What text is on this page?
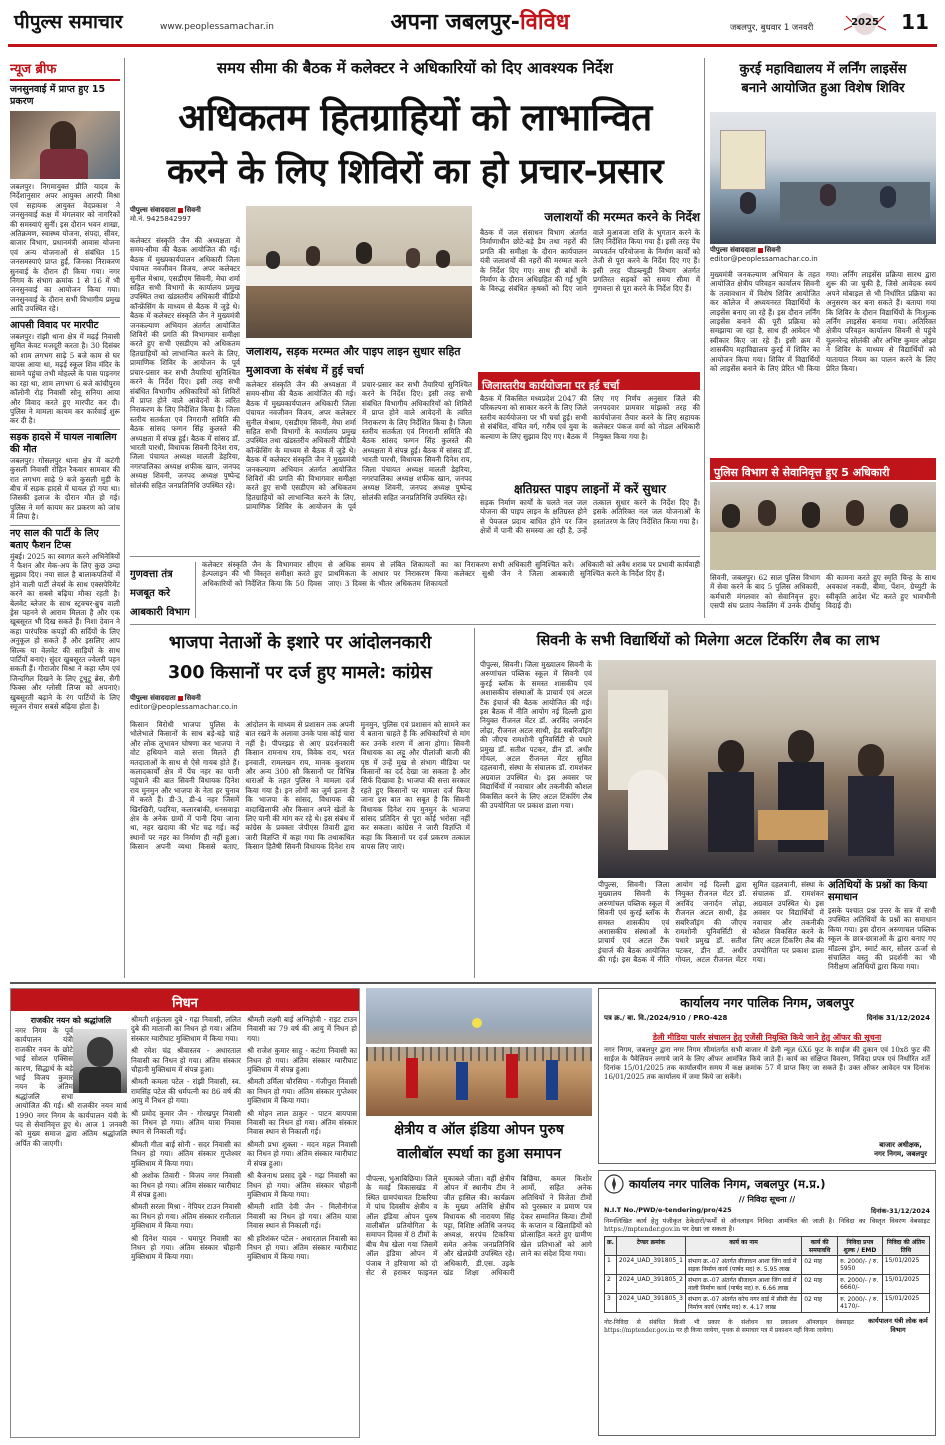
पीपुल्स समाचार	www.peoplessamachar.in	अपना जबलपुर-विविध	जबलपुर, बुधवार 1 जनवरी	2025 11
न्यूज ब्रीफ
जनसुनवाई में प्राप्त हुए 15 प्रकरण
जबलपुर। निगमायुक्त प्रीति यादव के निर्देशानुसार अपर आयुक्त आरपी मिश्रा एवं सहायक आयुक्त वेदप्रकाश ने जनसुनवाई कक्ष में मंगलवार को नागरिकों की समस्याएं सुनीं। इस दौरान भवन शाखा, अतिक्रमण, स्वास्थ्य योजना, संपदा, सीवर, बाजार विभाग, प्रधानमंत्री आवास योजना एवं अन्य योजनाओं से संबंधित 15 जनसमस्याएं प्राप्त हुईं, जिनका निराकरण सुनवाई के दौरान ही किया गया। नगर निगम के संभाग क्रमांक 1 से 16 में भी जनसुनवाई का आयोजन किया गया। जनसुनवाई के दौरान सभी विभागीय प्रमुख आदि उपस्थित रहे।
आपसी विवाद पर मारपीट
जबलपुर। रांझी थाना क्षेत्र में मढ़ई निवासी सुमित केवट मजदूरी करता है। 30 दिसंबर को शाम लगभग साढ़े 5 बजे काम से घर वापस आया था, मढ़ई स्कूल शिव मंदिर के सामने पहुंचा तभी मोहल्ले के पास पाइनगर का रहा था, शाम लगभग 6 बजे कांचीपुरम कॉलोनी रोड़ निवासी सोनू सनिया आया और विवाद करते हुए मारपीट कर दी। पुलिस ने मामला कायम कर कार्रवाई शुरू कर दी है।
सड़क हादसे में घायल नाबालिग की मौत
जबलपुर। गोसलपुर थाना क्षेत्र में कटंगी कुसली निवासी रोहित रैकवार सामवार की रात लगभग साढ़े 9 बजे कुसली मुड़ी के बीच में सड़क हादसे में घायल हो गया था। जिसकी इलाज के दौरान मौत हो गई। पुलिस ने मर्ग कायम कर प्रकरण को जांच में लिया है।
नए साल की पार्टी के लिए बताए फैशन टिप्स
मुंबई। 2025 का स्वागत करने अभिनेत्रियों ने फैशन और मेक-अप के लिए कुछ उम्दा सुझाव दिए। नया साल है बालाकपतियों में होने वाली पार्टी लेयर्स के साथ एक्सपेरिमेंट करने का सबसे बढ़िया मौका रहती है। बेलवेट ब्लेजर के साथ स्ट्रक्चर-ब्रुच वाली ड्रेस पहनने से आराम मिलता है और एक खूबसूरत भी दिख सकते हैं। निशा देवान ने कहा पारंपरिक कपड़ों की सर्दियों के लिए अनुकूल हो सकते हैं और इसलिए आप सिल्क या वेलवेट की साड़ियों के साथ पार्टियों बनाएं। सुंदर खुबसूरत ज्वेलरी पहन सकती हैं। गौराजोर मिश्रा ने कहा ग्लैम एवं जिन्दगिल दिखने के लिए टूथूटू ब्रेस, सैगी फिक्स और ग्लोसी लिप्स को अपनाएं। खुबसूरती बढ़ाने के रंग पार्टियों के लिए स्मूजन रोयार सबसे बढ़िया होता है।
समय सीमा की बैठक में कलेक्टर ने अधिकारियों को दिए आवश्यक निर्देश
अधिकतम हितग्राहियों को लाभान्वित
करने के लिए शिविरों का हो प्रचार-प्रसार
पीपुल्स संवाददाता सिवनी
मो.नं. 9425842997
कलेक्टर संस्कृति जैन की अध्यक्षता में समय-सीमा की बैठक आयोजित की गई। बैठक में मुख्यकार्यपालन अधिकारी जिला पंचायत नवजीवन विजय, अपर कलेक्टर सुनील मेश्राम, एसडीएम सिवनी, मेघा शर्मा सहित सभी विभागों के कार्यालय प्रमुख उपस्थित तथा खंडस्तरीय अधिकारी वीडियो कॉन्फ्रेंसिंग के माध्यम से बैठक में जुड़े थे। बैठक में कलेक्टर संस्कृति जैन ने मुख्यमंत्री जनकल्याण अभियान अंतर्गत आयोजित शिविरों की प्रगति की विभागवार समीक्षा करते हुए सभी एसडीएम को अधिकतम हितग्राहियों को लाभान्वित करने के लिए, प्रामाणिक शिविर के आयोजन के पूर्व प्रचार-प्रसार कर सभी तैयारियां सुनिश्चित करने के निर्देश दिए। इसी तरह सभी संबंधित विभागीय अधिकारियों को शिविरों में प्राप्त होने वाले आवेदनों के त्वरित निराकरण के लिए निर्देशित किया है। जिला स्तरीय सतर्कता एवं निगरानी समिति की बैठक सांसद फग्गन सिंह कुलस्ते की अध्यक्षता में संपन्न हुई। बैठक में सांसद डॉ. भारती पारधी, विधायक सिवनी दिनेश राय, जिला पंचायत अध्यक्ष मालती डेहरिया, नगरपालिका अध्यक्ष शफीक खान, जनपद अध्यक्ष शिवनी, जनपद अध्यक्ष पुष्पेन्द्र सोलंकी सहित जनप्रतिनिधि उपस्थित रहे।
जलाशय, सड़क मरम्मत और पाइप लाइन सुधार सहित मुआवजा के संबंध में हुई चर्चा
जलाशयों की मरम्मत करने के निर्देश
बैठक में जल संसाधन विभाग अंतर्गत निर्माणाधीन छोटे-बड़े डैम तथा नहरों की प्रगति की समीक्षा के दौरान कार्यपालन यंत्री जलाशयों की नहरों की मरम्मत करने के निर्देश दिए गए। साथ ही बांधों के निर्माण के दौरान अधिग्रहित की गई भूमि के विरुद्ध संबंधित कृषकों को दिए जाने वाले मुआवजा राशि के भुगतान करने के लिए निर्देशित किया गया है। इसी तरह पेंच व्यपवर्तन परियोजना के निर्माण कार्यों को तेजी से पूरा करने के निर्देश दिए गए हैं। इसी तरह पीडब्ल्यूडी विभाग अंतर्गत प्रगतिरत सड़कों को समय सीमा में गुणवत्ता से पूरा करने के निर्देश दिए हैं।
कलेक्टर संस्कृति जैन की अध्यक्षता में समय-सीमा की बैठक आयोजित की गई। बैठक में मुख्यकार्यपालन अधिकारी जिला पंचायत नवजीवन विजय, अपर कलेक्टर सुनील मेश्राम, एसडीएम सिवनी, मेघा शर्मा सहित सभी विभागों के कार्यालय प्रमुख उपस्थित तथा खंडस्तरीय अधिकारी वीडियो कॉन्फ्रेंसिंग के माध्यम से बैठक में जुड़े थे। बैठक में कलेक्टर संस्कृति जैन ने मुख्यमंत्री जनकल्याण अभियान अंतर्गत आयोजित शिविरों की प्रगति की विभागवार समीक्षा करते हुए सभी एसडीएम को अधिकतम हितग्राहियों को लाभान्वित करने के लिए, प्रामाणिक शिविर के आयोजन के पूर्व प्रचार-प्रसार कर सभी तैयारियां सुनिश्चित करने के निर्देश दिए। इसी तरह सभी संबंधित विभागीय अधिकारियों को शिविरों में प्राप्त होने वाले आवेदनों के त्वरित निराकरण के लिए निर्देशित किया है। जिला स्तरीय सतर्कता एवं निगरानी समिति की बैठक सांसद फग्गन सिंह कुलस्ते की अध्यक्षता में संपन्न हुई। बैठक में सांसद डॉ. भारती पारधी, विधायक सिवनी दिनेश राय, जिला पंचायत अध्यक्ष मालती डेहरिया, नगरपालिका अध्यक्ष शफीक खान, जनपद अध्यक्ष शिवनी, जनपद अध्यक्ष पुष्पेन्द्र सोलंकी सहित जनप्रतिनिधि उपस्थित रहे।
जिलास्तरीय कार्ययोजना पर हुई चर्चा
बैठक में विकसित मध्यप्रदेश 2047 की परिकल्पना को साकार करने के लिए जिले स्तरीय कार्ययोजना पर भी चर्चा हुई। सभी से संबंधित, वंचित वर्ग, गरीब एवं युवा के कल्याण के लिए सुझाव दिए गए। बैठक में लिए गए निर्णय अनुसार जिले की जनपदवार प्रामवार मांझको तरह की कार्ययोजना तैयार करने के लिए सहायक कलेक्टर पंकज वर्मा को नोडल अधिकारी नियुक्त किया गया है।
क्षतिग्रस्त पाइप लाइनों में करें सुधार
सड़क निर्माण कार्यों के चलते नल जल योजना की पाइप लाइन के क्षतिग्रस्त होने से पेयजल प्रदाय बाधित होने पर जिन क्षेत्रों में पानी की समस्या आ रही है, उन्हें तत्काल सुधार करने के निर्देश दिए हैं। इसके अतिरिक्त नल जल योजनाओं के हस्तांतरण के लिए निर्देशित किया गया है।
गुणवत्ता तंत्र मजबूत करे आबकारी विभाग
कलेक्टर संस्कृति जैन के विभागवार सीएम हेल्पलाइन की भी विस्तृत समीक्षा करते हुए अधिकारियों को निर्देशित किया कि 50 दिवस से अधिक समय से लंबित शिकायतों का प्राथमिकता के आधार पर निराकरण किया जाए। 3 दिवस के भीतर अधिकतम शिकायतों का निराकरण सभी अधिकारी सुनिश्चित करें। कलेक्टर सुश्री जैन ने जिला आबकारी अधिकारी को अवैध शराब पर प्रभावी कार्यवाही सुनिश्चित करने के निर्देश दिए हैं।
कुरई महाविद्यालय में लर्निंग लाइसेंस
बनाने आयोजित हुआ विशेष शिविर
पीपुल्स संवाददाता सिवनी
editor@peoplessamachar.co.in
मुख्यमंत्री जनकल्याण अभियान के तहत आयोजित क्षेत्रीय परिवहन कार्यालय सिवनी के तत्वावधान में विशेष शिविर आयोजित कर कॉलेज में अध्ययनरत विद्यार्थियों के लाइसेंस बनाए जा रहे हैं। इस दौरान लर्निंग लाइसेंस बनाने की पूरी प्रक्रिया को समझाया जा रहा है, साथ ही आवेदन भी स्वीकार किए जा रहे हैं। इसी क्रम में शासकीय महाविद्यालय कुरई में शिविर का आयोजन किया गया। शिविर में विद्यार्थियों को लाइसेंस बनाने के लिए प्रेरित भी किया गया। लर्निंग लाइसेंस प्रक्रिया सारथ द्वारा शुरू की जा चुकी है, जिसे आवेदक स्वयं अपने मोबाइल से भी निर्धारित प्रक्रिया का अनुसरण कर बना सकते हैं। बताया गया कि शिविर के दौरान विद्यार्थियों के निःशुल्क लर्निंग लाइसेंस बनाया गया। अतिरिक्त क्षेत्रीय परिवहन कार्यालय सिवनी से पहुंचे यूलनरेन्द्र सोलंकी और अभिष्ट कुमार ओझा ने शिविर के माध्यम से विद्यार्थियों को यातायात नियम का पालन करने के लिए प्रेरित किया।
पुलिस विभाग से सेवानिवृत्त हुए 5 अधिकारी
सिवनी, जबलपुर। 62 साल पुलिस विभाग में सेवा करने के बाद 5 पुलिस अधिकारी, कर्मचारी मंगलवार को सेवानिवृत्त हुए। एसपी संघ प्रताप नेकलिंग में उनके दीर्घायु की कामना करते हुए स्मृति चिन्ह के साथ अवकाश नकदी, बीमा, पेंशन, ग्रेच्युटी के स्वीकृति आदेश भेंट करते हुए भावभीनी विदाई दी।
भाजपा नेताओं के इशारे पर आंदोलनकारी
300 किसानों पर दर्ज हुए मामले: कांग्रेस
पीपुल्स संवाददाता सिवनी
editor@peoplessamachar.co.in
किसान विरोधी भाजपा पुलिस के भोलेभाले किसानों के साथ बड़े-बड़े चाहे और लोक लुभावन घोषणा कर भाजपा ने वोट हथियाने वाले सत्ता मिलते ही मतदाताओं के साथ से ऐसे गायब होते हैं। कलादकार्यों क्षेत्र में पेंच नहर का पानी पहुंचाने की बात सिवनी विधायक दिनेश राय मुनमुन और भाजपा के नेता हर चुनाव में करते हैं। डी-3, डी-4 नहर जिसमें खिरखिरी, पदरिया, कलारबांकी, धनसवाड़ा क्षेत्र के अनेक ग्रामों में पानी दिया जाना था, नहर खदाया की भेंट चढ़ गई। कई स्थानों पर नहर का निर्माण ही नहीं हुआ। किसान अपनी व्यथा किससे बताए, आंदोलन के माध्यम से प्रशासन तक अपनी बात रखने के अलावा उनके पास कोई चारा नहीं है। पीपरझड़ से आए प्रदर्शनकारी किसान रामनाथ राय, विवेक राय, भरत इनवाती, रामलखन राय, मानक कुशराम और अन्य 300 सौ किसानों पर विभिन्न धाराओं के तहत पुलिस ने मामला दर्ज किया गया है। इन लोगों का जुर्म इतना है कि भाजपा के सांसद, विधायक की वादाखिलाफी और किसान अपने खेतों के लिए पानी की मांग कर रहे थे। इस संबंध में कांग्रेस के प्रवक्ता जेपीएस तिवारी द्वारा जारी विज्ञप्ति में कहा गया कि तथाकथित किसान हितैषी सिवनी विधायक दिनेश राय मुनमुन, पुलिस एवं प्रशासन को सामने कर ये बताना चाहते हैं कि अधिकारियों से मांग कर उनके शरण में आना होगा। सिवनी विधायक का लट्टू और पीलांजी बाजी की पृष्ठ में उन्हें मुख से संभाग मीडिया पर किसानों का दर्द देखा जा सकता है और सिर्फ दिखावा है। भाजपा की सत्ता सरकार रहते हुए किसानों पर मामला दर्ज किया जाना इस बात का सबूत है कि सिवनी विधायक दिनेश राय मुनमुन के भाजपा सांसद प्रतिदिन से पूरा कोई भरोसा नहीं कर सकता। कांग्रेस ने जारी विज्ञप्ति में कहा कि किसानों पर दर्ज प्रकरण तत्काल वापस लिए जाएं।
सिवनी के सभी विद्यार्थियों को मिलेगा अटल टिंकरिंग लैब का लाभ
पीपुल्स, सिवनी। जिला मुख्यालय सिवनी के अरुणांचल पब्लिक स्कूल में सिवनी एवं कुरई ब्लॉक के समस्त शासकीय एवं अशासकीय संस्थाओं के प्राचार्य एवं अटल टैंक इंचार्ज की बैठक आयोजित की गई। इस बैठक में नीति आयोग नई दिल्ली द्वारा नियुक्त रीजनल मेंटर डॉ. अरविंद जनार्दन लोढ़ा, रीजनल अटल साथी, हेड सबरिजॉइंग की जीएच रामशोनी यूनिवर्सिटी से पधारे प्रमुख डॉ. सतीश पटकर, डीन डॉ. अधीर गोयल, अटल रीजनल मेंटर सुमित दहलवानी, संस्था के संचालक डॉ. रामशंकर अग्रवाल उपस्थित थे। इस अवसर पर विद्यार्थियों में नवाचार और तकनीकी कौशल विकसित करने के लिए अटल टिंकरिंग लैब की उपयोगिता पर प्रकाश डाला गया।
पीपुल्स, सिवनी। जिला मुख्यालय सिवनी के अरुणांचल पब्लिक स्कूल में सिवनी एवं कुरई ब्लॉक के समस्त शासकीय एवं अशासकीय संस्थाओं के प्राचार्य एवं अटल टैंक इंचार्ज की बैठक आयोजित की गई। इस बैठक में नीति आयोग नई दिल्ली द्वारा नियुक्त रीजनल मेंटर डॉ. अरविंद जनार्दन लोढ़ा, रीजनल अटल साथी, हेड सबरिजॉइंग की जीएच रामशोनी यूनिवर्सिटी से पधारे प्रमुख डॉ. सतीश पटकर, डीन डॉ. अधीर गोयल, अटल रीजनल मेंटर सुमित दहलवानी, संस्था के संचालक डॉ. रामशंकर अग्रवाल उपस्थित थे। इस अवसर पर विद्यार्थियों में नवाचार और तकनीकी कौशल विकसित करने के लिए अटल टिंकरिंग लैब की उपयोगिता पर प्रकाश डाला गया।
अतिथियों के प्रश्नों का किया समाधान
इसके पश्चात प्रश्न उत्तर के सत्र में सभी उपस्थित अतिथियों के प्रश्नों का समाधान किया गया। इस दौरान अरुणाचल पब्लिक स्कूल के छात्र-छात्राओं के द्वारा बनाए गए मॉडल्स ड्रोन, स्मार्ट कार, सोलर ऊर्जा से संचालित वस्तु की प्रदर्शनी का भी निरीक्षण अतिथियों द्वारा किया गया।
निधन
राजकीर नयन को श्रद्धांजलि
नगर निगम के पूर्व कार्यपालन यंत्री राजकीर नयन के छोटे भाई सोशल एक्सिस कारण, सिद्धार्थ के बड़े भाई विजय कुमार नयन के अंतिम श्रद्धांजलि सभा आयोजित की गई। श्री राजकीर नयन मार्च 1990 नगर निगम के कार्यपालन यंत्री के पद से सेवानिवृत्त हुए थे। आज 1 जनवरी को मुख्य समाज द्वारा अंतिम श्रद्धांजलि अर्पित की जाएगी।

श्रीमती शकुंतला दुबे - गढ़ा निवासी, ललित दुबे की माताजी का निधन हो गया। अंतिम संस्कार ग्वारीघाट मुक्तिधाम में किया गया।

श्री रमेश चंद्र श्रीवास्तव - अधारताल निवासी का निधन हो गया। अंतिम संस्कार चौहानी मुक्तिधाम में संपन्न हुआ।

श्रीमती कमला पटेल - रांझी निवासी, स्व. रामसिंह पटेल की धर्मपत्नी का 86 वर्ष की आयु में निधन हो गया।

श्री प्रमोद कुमार जैन - गोरखपुर निवासी का निधन हो गया। अंतिम यात्रा निवास स्थान से निकाली गई।

श्रीमती गीता बाई सोनी - सदर निवासी का निधन हो गया। अंतिम संस्कार गुप्तेश्वर मुक्तिधाम में किया गया।

श्री अशोक तिवारी - विजय नगर निवासी का निधन हो गया। अंतिम संस्कार ग्वारीघाट में संपन्न हुआ।

श्रीमती सरला मिश्रा - नेपियर टाउन निवासी का निधन हो गया। अंतिम संस्कार रानीताल मुक्तिधाम में किया गया।

श्री दिनेश यादव - घमापुर निवासी का निधन हो गया। अंतिम संस्कार चौहानी मुक्तिधाम में किया गया।

श्रीमती लक्ष्मी बाई अग्निहोत्री - राइट टाउन निवासी का 79 वर्ष की आयु में निधन हो गया।

श्री राजेश कुमार साहू - कटंगा निवासी का निधन हो गया। अंतिम संस्कार ग्वारीघाट मुक्तिधाम में संपन्न हुआ।

श्रीमती उर्मिला चौरसिया - गंजीपुरा निवासी का निधन हो गया। अंतिम संस्कार गुप्तेश्वर मुक्तिधाम में किया गया।

श्री मोहन लाल ठाकुर - पाटन बायपास निवासी का निधन हो गया। अंतिम संस्कार निवास स्थान से निकाली गई।

श्रीमती प्रभा शुक्ला - मदन महल निवासी का निधन हो गया। अंतिम संस्कार ग्वारीघाट में संपन्न हुआ।

श्री बैजनाथ प्रसाद दुबे - गढ़ा निवासी का निधन हो गया। अंतिम संस्कार चौहानी मुक्तिधाम में किया गया।

श्रीमती शांति देवी जैन - मिलौनीगंज निवासी का निधन हो गया। अंतिम यात्रा निवास स्थान से निकाली गई।

श्री हरिशंकर पटेल - अधारताल निवासी का निधन हो गया। अंतिम संस्कार ग्वारीघाट मुक्तिधाम में किया गया।

क्षेत्रीय व ऑल इंडिया ओपन पुरुष
वालीबॉल स्पर्धा का हुआ समापन
पीपल्स, भुआबिछिया। जिले के मवई विकासखंड में स्थित ग्रामपंचायत टिकरिया में पांच दिवसीय क्षेत्रीय व ऑल इंडिया ओपन पुरुष वालीबॉल प्रतियोगिता के समापन दिवस में 8 टीमों के बीच मैच खेला गया जिसमें ऑल इंडिया ओपन में पंजाब ने हरियाणा को दो सेट से हराकर फाइनल मुकाबले जीता। वहीं क्षेत्रीय ओपन में स्थानीय टीम ने जीत हासिल की। कार्यक्रम के मुख्य अतिथि क्षेत्रीय विधायक श्री नारायण सिंह पट्टा, विशिष्ट अतिथि जनपद अध्यक्ष, सरपंच टिकरिया समेत अनेक जनप्रतिनिधि और खेलप्रेमी उपस्थित रहे। अधिकारी, डी.एस. उइके खंड शिक्षा अधिकारी बिछिया, कमल किशोर आर्मो, सहित अनेक अतिथियों ने विजेता टीमों को पुरस्कार व प्रमाण पत्र देकर सम्मानित किया। टीमों के कप्तान व खिलाड़ियों को प्रोत्साहित करते हुए ग्रामीण खेल प्रतिभाओं को आगे लाने का संदेश दिया गया।
कार्यालय नगर पालिक निगम, जबलपुर
पत्र क्र./ बा. वि./2024/910 / PRO-428	दिनांक 31/12/2024
डेली मीडिया पार्लर संचालन हेतु एजेंसी नियुक्ति किये जाने हेतु ऑफर की सूचना
नगर निगम, जबलपुर द्वारा नगर निगम सीमांतर्गत सभी बाजार में डेली न्यूज़ 6X6 फुट के साईज की दुकान एवं 10x8 फुट की साईज के पैवेलियन लगाये जाने के लिए ऑफर आमंत्रित किये जाते हैं। कार्य का संक्षिप्त विवरण, निविदा प्रपत्र एवं निर्धारित शर्तें दिनांक 15/01/2025 तक कार्यालयीन समय में कक्ष क्रमांक 57 में प्राप्त किए जा सकते हैं। उक्त ऑफर आवेदन पत्र दिनांक 16/01/2025 तक कार्यालय में जमा किये जा सकेंगे।
बाजार अधीक्षक,
नगर निगम, जबलपुर
कार्यालय नगर पालिक निगम, जबलपुर (म.प्र.)
// निविदा सूचना //
N.I.T No./PWD/e-tendering/pro/425	दिनांक-31/12/2024
निम्नलिखित कार्य हेतु पंजीकृत ठेकेदारों/फर्मों से ऑनलाइन निविदा आमंत्रित की जाती है। निविदा का विस्तृत विवरण वेबसाइट https://mptender.gov.in पर देखा जा सकता है।
क्र.	टेण्डर क्रमांक	कार्य का नाम	कार्य की समयावधि	निविदा प्रपत्र शुल्क / EMD	निविदा की अंतिम तिथि
1	2024_UAD_391805_1	संभाग क्र.-07 अंतर्गत बीजाधन आशा जिंग वार्ड में सड़क निर्माण कार्य (पार्षद मद) रु. 5.95 लाख	02 माह	रु. 2000/- / रु. 5950	15/01/2025
2	2024_UAD_391805_2	संभाग क्र.-07 अंतर्गत बीजाधन आशा जिंग वार्ड में नाली निर्माण कार्य (पार्षद मद) रु. 6.66 लाख	02 माह	रु. 2000/- / रु. 6660/-	15/01/2025
3	2024_UAD_391805_3	संभाग क्र.-07 अंतर्गत कोच नगर वार्ड में सीसी रोड निर्माण कार्य (पार्षद मद) रु. 4.17 लाख	02 माह	रु. 2000/- / रु. 4170/-	15/01/2025
नोट-निविदा से संबंधित किसी भी प्रकार के संशोधन का प्रकाशन ऑनलाइन वेबसाइट https://mptender.gov.in पर ही किया जायेगा, पृथक से समाचार पत्र में प्रकाशन नहीं किया जायेगा।
कार्यपालन यंत्री लोक कर्म विभाग
